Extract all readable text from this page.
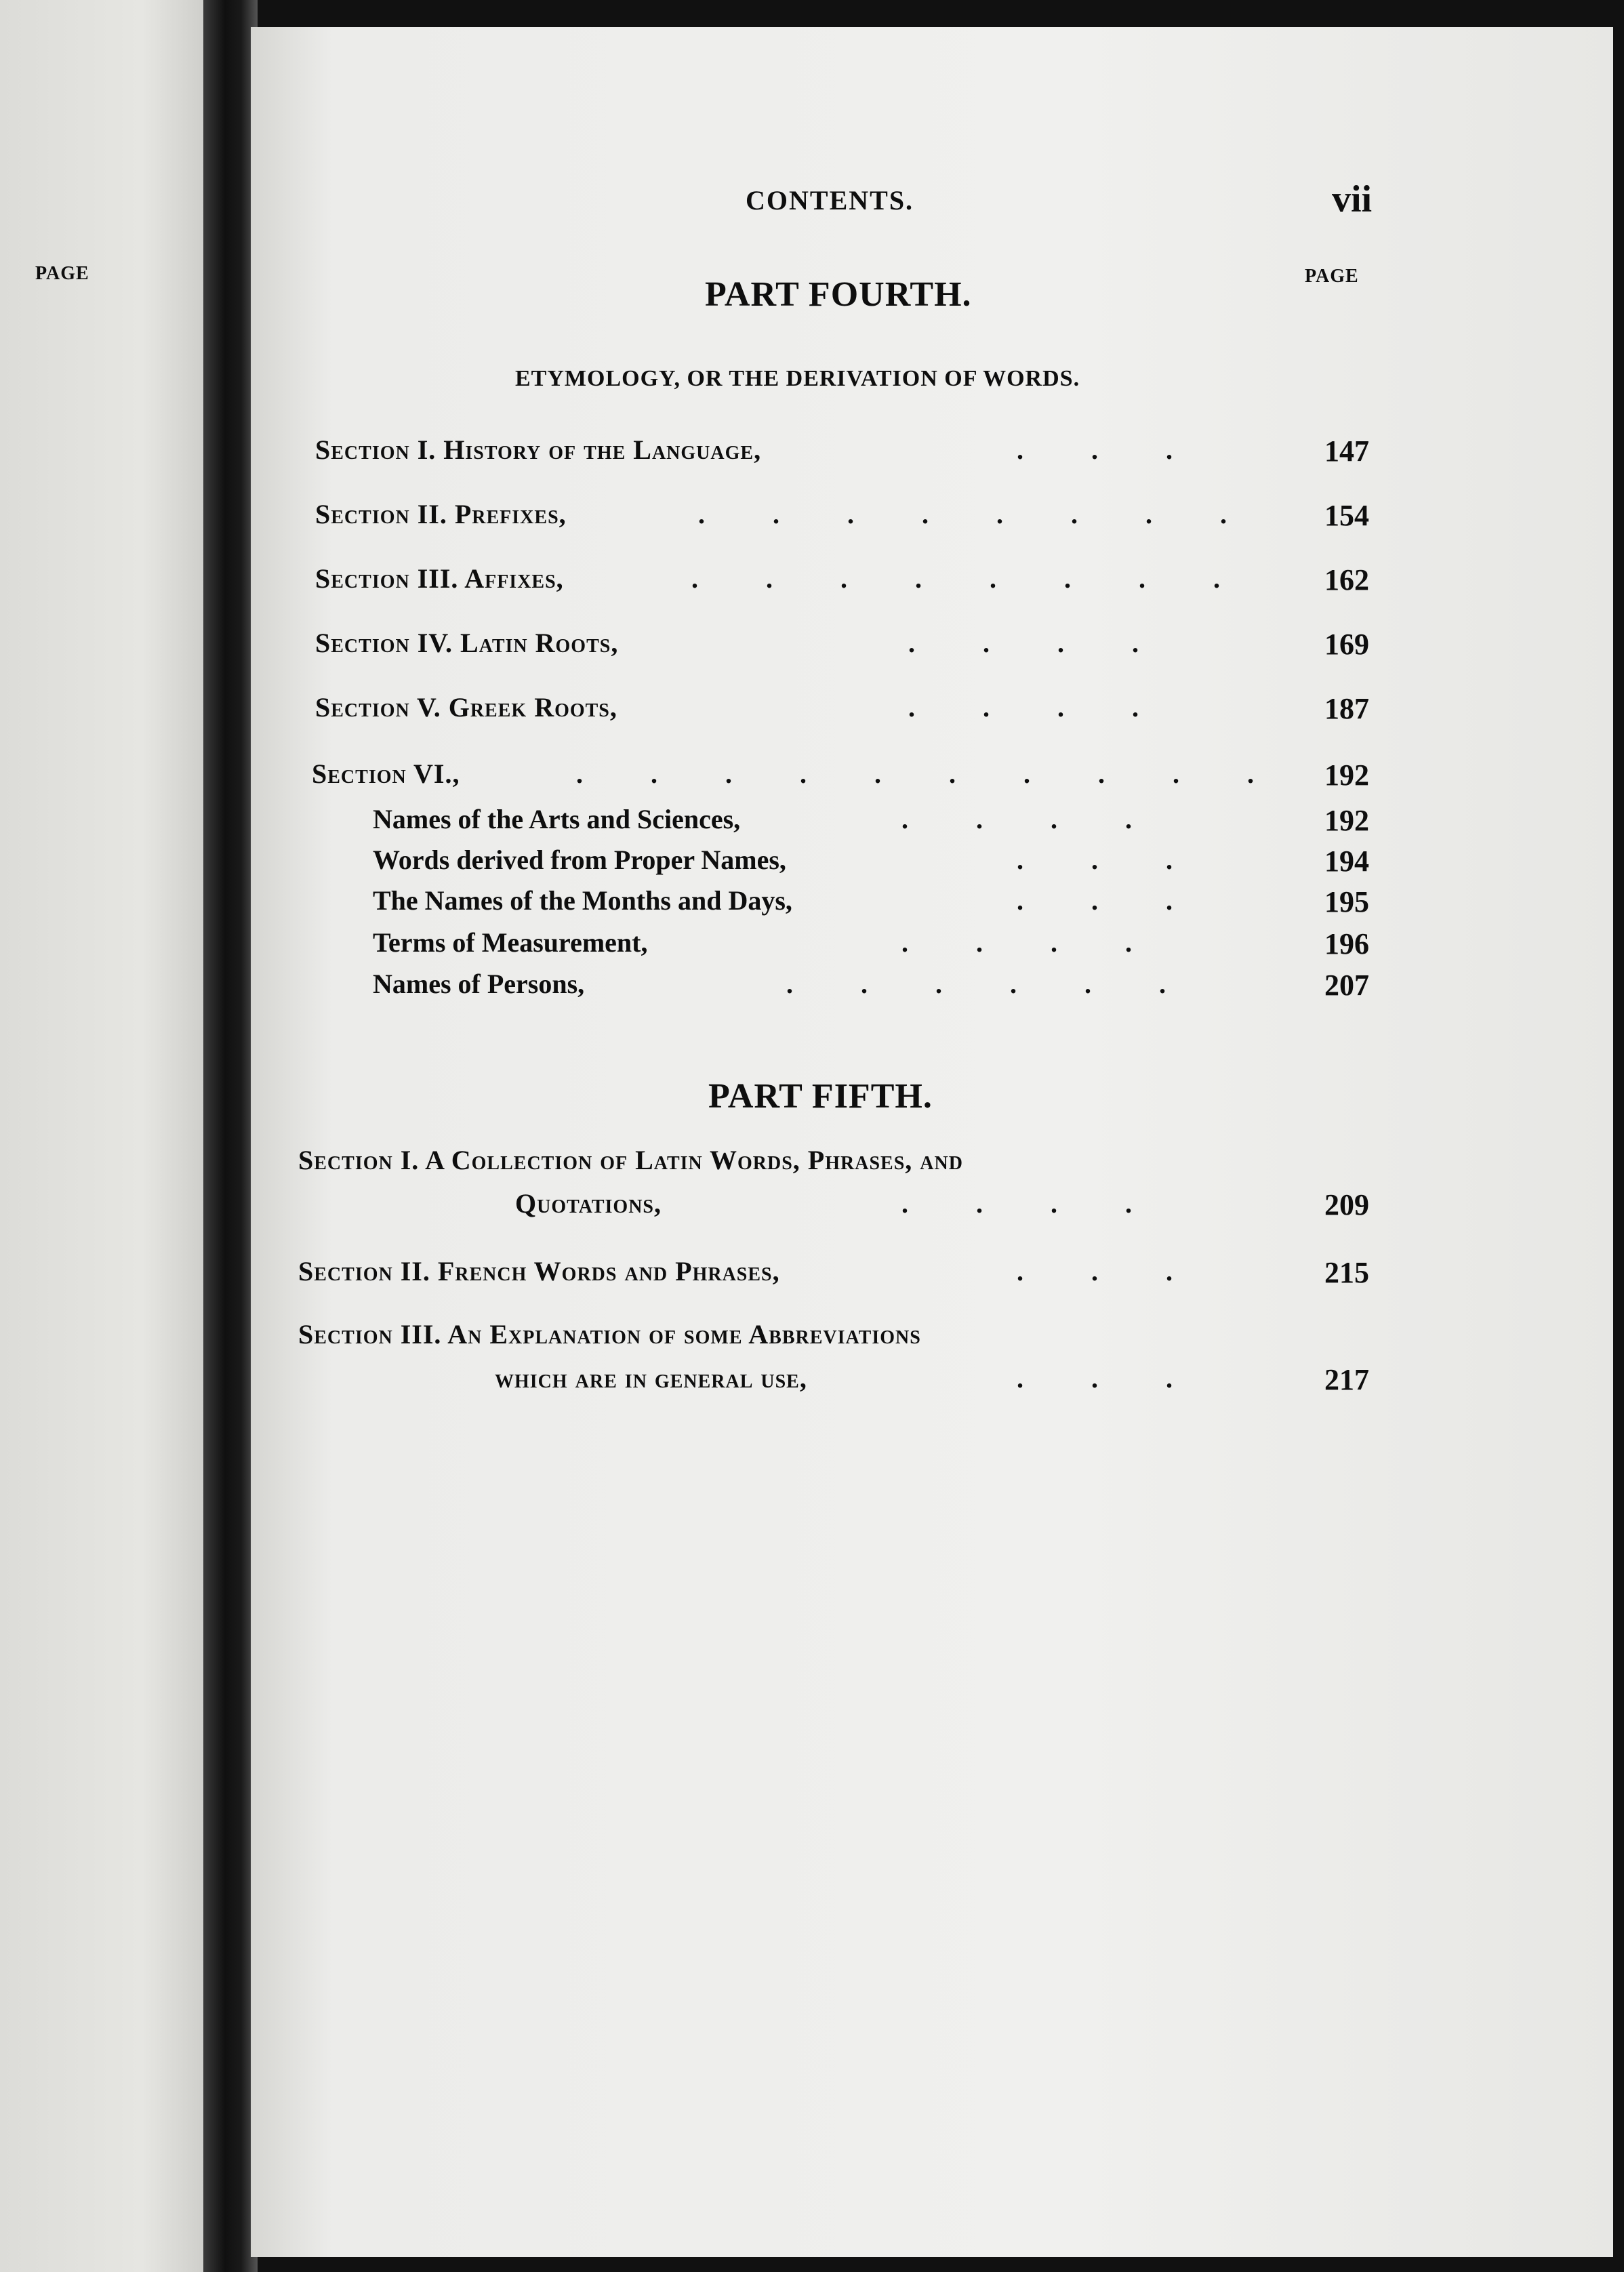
PAGE
CONTENTS.	vii
PAGE
PART FOURTH.
ETYMOLOGY, OR THE DERIVATION OF WORDS.
Section I. History of the Language,	.          .          .	147
Section II. Prefixes,	.          .          .          .          .          .          .          .	154
Section III. Affixes,	.          .          .          .          .          .          .          .	162
Section IV. Latin Roots,	.          .          .          .	169
Section V. Greek Roots,	.          .          .          .	187
Section VI.,	.          .          .          .          .          .          .          .          .          .	192
Names of the Arts and Sciences,	.          .          .          .	192
Words derived from Proper Names,	.          .          .	194
The Names of the Months and Days,	.          .          .	195
Terms of Measurement,	.          .          .          .	196
Names of Persons,	.          .          .          .          .          .	207
PART FIFTH.
Section I. A Collection of Latin Words, Phrases, and
Quotations,	.          .          .          .	209
Section II. French Words and Phrases,	.          .          .	215
Section III. An Explanation of some Abbreviations
which are in general use,	.          .          .	217
